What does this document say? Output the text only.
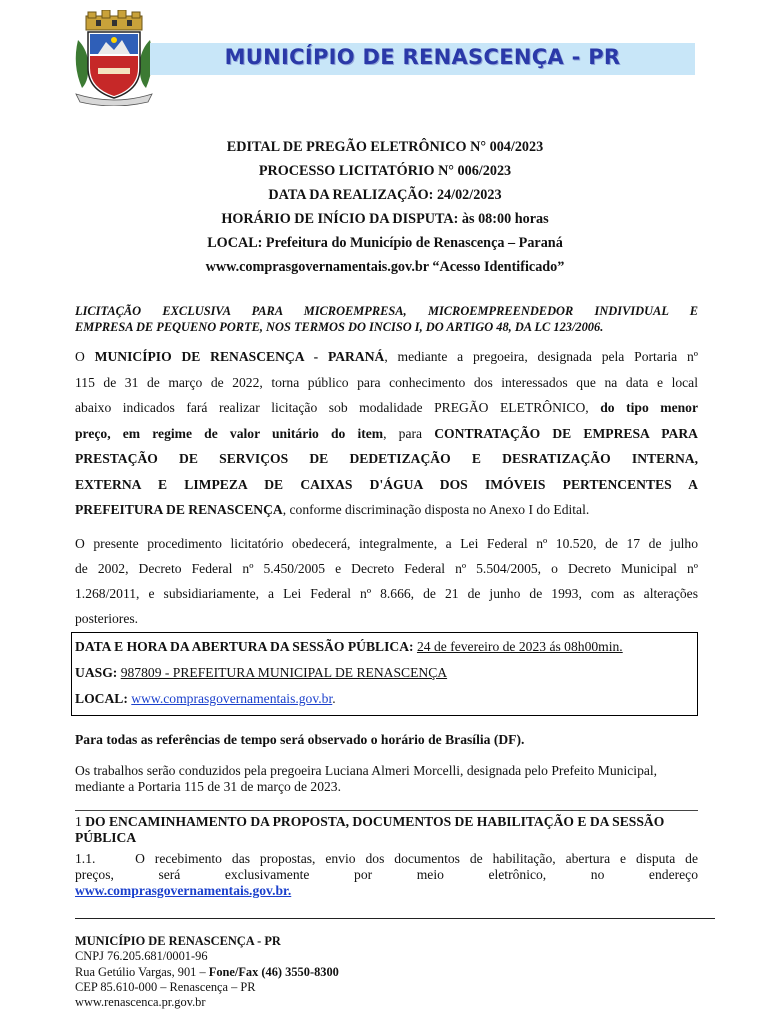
MUNICÍPIO DE RENASCENÇA - PR
EDITAL DE PREGÃO ELETRÔNICO N° 004/2023
PROCESSO LICITATÓRIO N° 006/2023
DATA DA REALIZAÇÃO: 24/02/2023
HORÁRIO DE INÍCIO DA DISPUTA: às 08:00 horas
LOCAL: Prefeitura do Município de Renascença – Paraná
www.comprasgovernamentais.gov.br “Acesso Identificado”
LICITAÇÃO EXCLUSIVA PARA MICROEMPRESA, MICROEMPREENDEDOR INDIVIDUAL E
EMPRESA DE PEQUENO PORTE, NOS TERMOS DO INCISO I, DO ARTIGO 48, DA LC 123/2006.
O MUNICÍPIO DE RENASCENÇA - PARANÁ, mediante a pregoeira, designada pela Portaria nº
115 de 31 de março de 2022, torna público para conhecimento dos interessados que na data e local
abaixo indicados fará realizar licitação sob modalidade PREGÃO ELETRÔNICO, do tipo menor
preço, em regime de valor unitário do item, para CONTRATAÇÃO DE EMPRESA PARA
PRESTAÇÃO DE SERVIÇOS DE DEDETIZAÇÃO E DESRATIZAÇÃO INTERNA,
EXTERNA E LIMPEZA DE CAIXAS D'ÁGUA DOS IMÓVEIS PERTENCENTES A
PREFEITURA DE RENASCENÇA, conforme discriminação disposta no Anexo I do Edital.
O presente procedimento licitatório obedecerá, integralmente, a Lei Federal nº 10.520, de 17 de julho
de 2002, Decreto Federal nº 5.450/2005 e Decreto Federal nº 5.504/2005, o Decreto Municipal nº
1.268/2011, e subsidiariamente, a Lei Federal nº 8.666, de 21 de junho de 1993, com as alterações
posteriores.
DATA E HORA DA ABERTURA DA SESSÃO PÚBLICA: 24 de fevereiro de 2023 ás 08h00min.
UASG: 987809 - PREFEITURA MUNICIPAL DE RENASCENÇA
LOCAL: www.comprasgovernamentais.gov.br.
Para todas as referências de tempo será observado o horário de Brasília (DF).
Os trabalhos serão conduzidos pela pregoeira Luciana Almeri Morcelli, designada pelo Prefeito Municipal, mediante a Portaria 115 de 31 de março de 2023.
1 DO ENCAMINHAMENTO DA PROPOSTA, DOCUMENTOS DE HABILITAÇÃO E DA SESSÃO PÚBLICA
1.1.    O recebimento das propostas, envio dos documentos de habilitação, abertura e disputa de
preços,        será        exclusivamente        por        meio        eletrônico,        no        endereço
www.comprasgovernamentais.gov.br.
MUNICÍPIO DE RENASCENÇA - PR
CNPJ 76.205.681/0001-96
Rua Getúlio Vargas, 901 – Fone/Fax (46) 3550-8300
CEP 85.610-000 – Renascença – PR
www.renascenca.pr.gov.br
